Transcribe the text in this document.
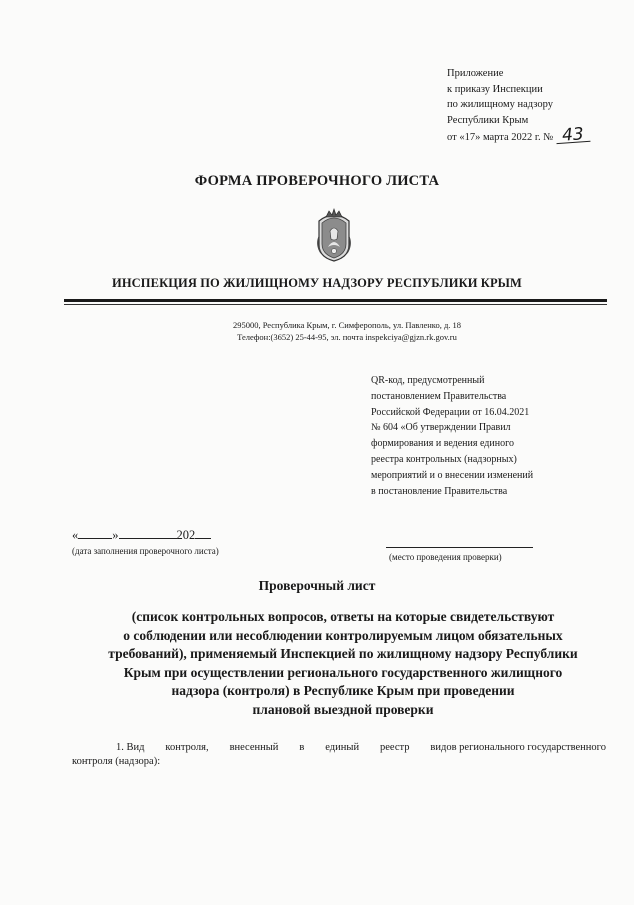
Приложение
к приказу Инспекции
по жилищному надзору
Республики Крым
от «17» марта 2022 г. № 43
ФОРМА ПРОВЕРОЧНОГО ЛИСТА
ИНСПЕКЦИЯ ПО ЖИЛИЩНОМУ НАДЗОРУ РЕСПУБЛИКИ КРЫМ
295000, Республика Крым, г. Симферополь, ул. Павленко, д. 18
Телефон:(3652) 25-44-95, эл. почта inspekciya@gjzn.rk.gov.ru
QR-код, предусмотренный
постановлением Правительства
Российской Федерации от 16.04.2021
№ 604 «Об утверждении Правил
формирования и ведения единого
реестра контрольных (надзорных)
мероприятий и о внесении изменений
в постановление Правительства
«	»	202
(дата заполнения проверочного листа)
(место проведения проверки)
Проверочный лист
(список контрольных вопросов, ответы на которые свидетельствуют
о соблюдении или несоблюдении контролируемым лицом обязательных
требований), применяемый Инспекцией по жилищному надзору Республики
Крым при осуществлении регионального государственного жилищного
надзора (контроля) в Республике Крым при проведении
плановой выездной проверки
1. Вид контроля, внесенный в единый реестр видов регионального государственного
контроля (надзора):
